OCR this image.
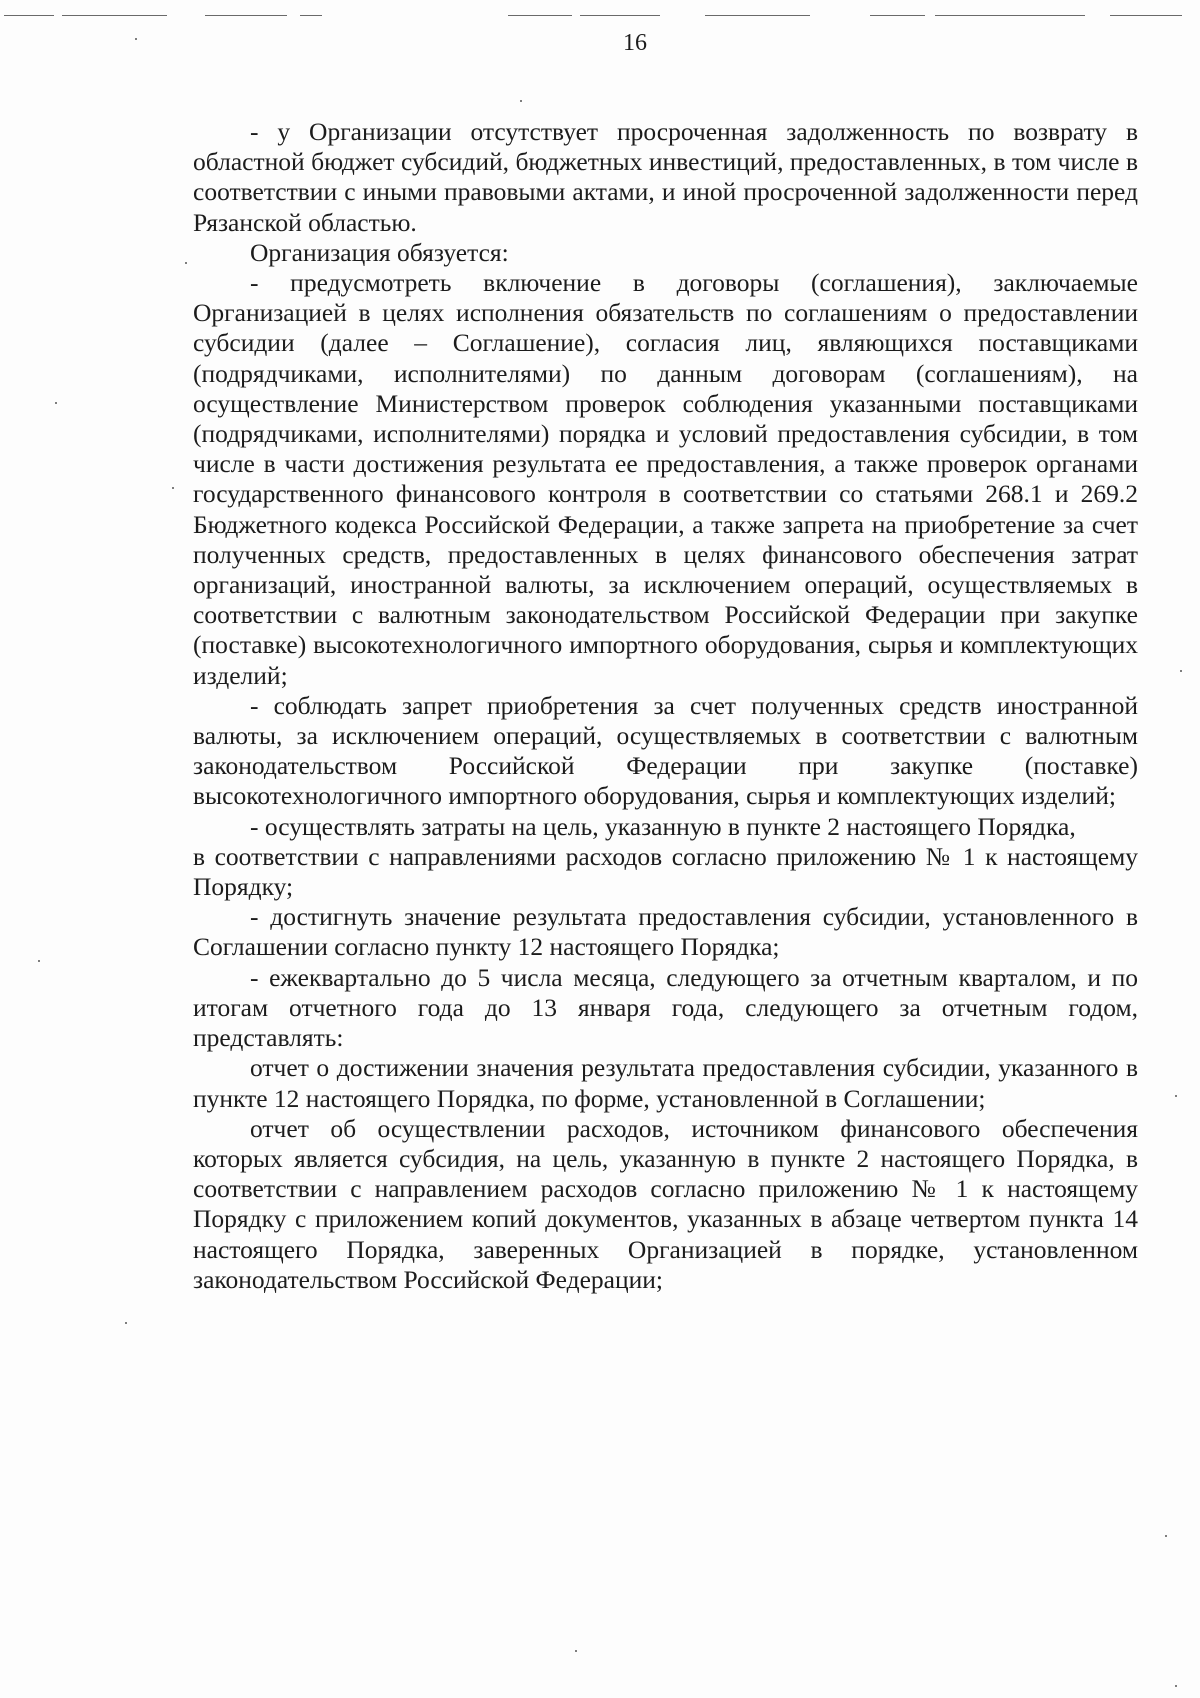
16

- у Организации отсутствует просроченная задолженность по возврату в областной бюджет субсидий, бюджетных инвестиций, предоставленных, в том числе в соответствии с иными правовыми актами, и иной просроченной задолженности перед Рязанской областью.

Организация обязуется:

- предусмотреть включение в договоры (соглашения), заключаемые Организацией в целях исполнения обязательств по соглашениям о предоставлении субсидии (далее – Соглашение), согласия лиц, являющихся поставщиками (подрядчиками, исполнителями) по данным договорам (соглашениям), на осуществление Министерством проверок соблюдения указанными поставщиками (подрядчиками, исполнителями) порядка и условий предоставления субсидии, в том числе в части достижения результата ее предоставления, а также проверок органами государственного финансового контроля в соответствии со статьями 268.1 и 269.2 Бюджетного кодекса Российской Федерации, а также запрета на приобретение за счет полученных средств, предоставленных в целях финансового обеспечения затрат организаций, иностранной валюты, за исключением операций, осуществляемых в соответствии с валютным законодательством Российской Федерации при закупке (поставке) высокотехнологичного импортного оборудования, сырья и комплектующих изделий;

- соблюдать запрет приобретения за счет полученных средств иностранной валюты, за исключением операций, осуществляемых в соответствии с валютным законодательством Российской Федерации при закупке (поставке) высокотехнологичного импортного оборудования, сырья и комплектующих изделий;

- осуществлять затраты на цель, указанную в пункте 2 настоящего Порядка,

в соответствии с направлениями расходов согласно приложению № 1 к настоящему Порядку;

- достигнуть значение результата предоставления субсидии, установленного в Соглашении согласно пункту 12 настоящего Порядка;

- ежеквартально до 5 числа месяца, следующего за отчетным кварталом, и по итогам отчетного года до 13 января года, следующего за отчетным годом, представлять:

отчет о достижении значения результата предоставления субсидии, указанного в пункте 12 настоящего Порядка, по форме, установленной в Соглашении;

отчет об осуществлении расходов, источником финансового обеспечения которых является субсидия, на цель, указанную в пункте 2 настоящего Порядка, в соответствии с направлением расходов согласно приложению № 1 к настоящему Порядку с приложением копий документов, указанных в абзаце четвертом пункта 14 настоящего Порядка, заверенных Организацией в порядке, установленном законодательством Российской Федерации;
